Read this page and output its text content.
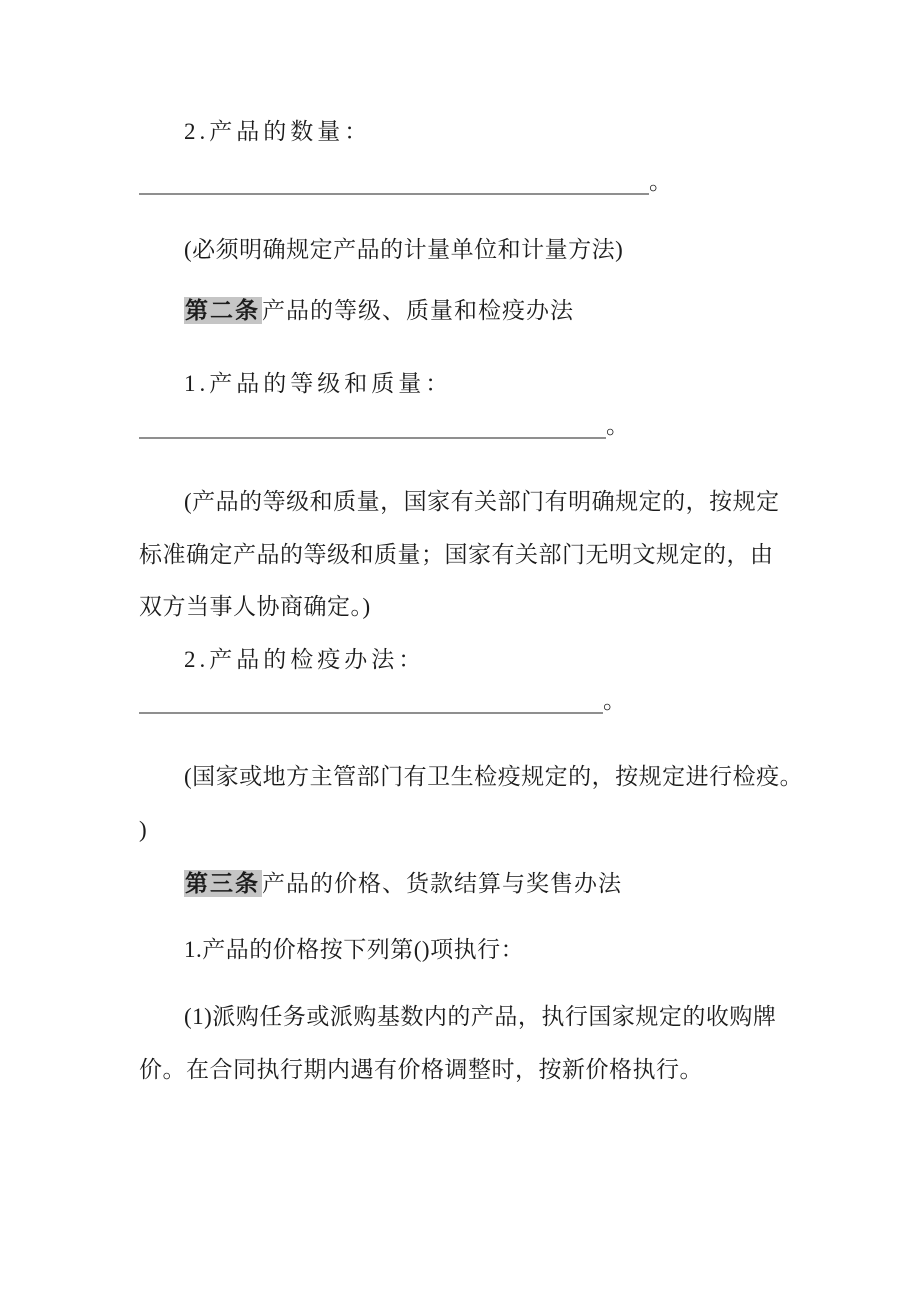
2.产品的数量：
。
(必须明确规定产品的计量单位和计量方法)
第二条产品的等级、质量和检疫办法
1.产品的等级和质量：
。
(产品的等级和质量，国家有关部门有明确规定的，按规定
标准确定产品的等级和质量；国家有关部门无明文规定的，由
双方当事人协商确定。)
2.产品的检疫办法：
。
(国家或地方主管部门有卫生检疫规定的，按规定进行检疫。
)
第三条产品的价格、货款结算与奖售办法
1.产品的价格按下列第()项执行：
(1)派购任务或派购基数内的产品，执行国家规定的收购牌
价。在合同执行期内遇有价格调整时，按新价格执行。
